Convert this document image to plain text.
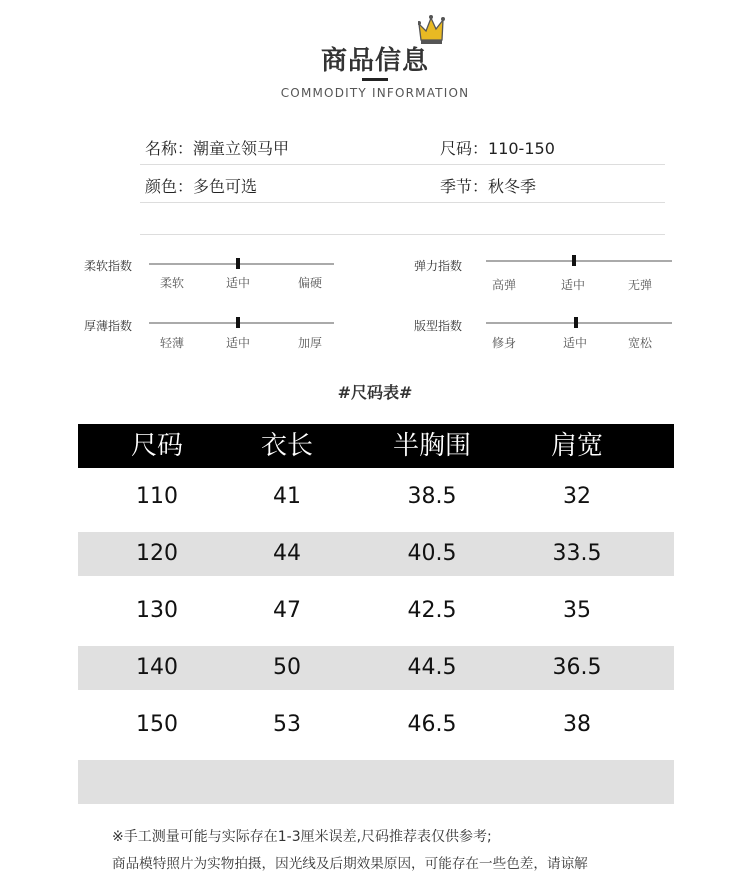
商品信息
COMMODITY INFORMATION
名称：潮童立领马甲	尺码：110-150
颜色：多色可选	季节：秋冬季
柔软指数
柔软	适中	偏硬
弹力指数
高弹	适中	无弹
厚薄指数
轻薄	适中	加厚
版型指数
修身	适中	宽松
#尺码表#
尺码	衣长	半胸围	肩宽
110	41	38.5	32
120	44	40.5	33.5
130	47	42.5	35
140	50	44.5	36.5
150	53	46.5	38
※手工测量可能与实际存在1-3厘米误差,尺码推荐表仅供参考;
商品模特照片为实物拍摄，因光线及后期效果原因，可能存在一些色差，请谅解
